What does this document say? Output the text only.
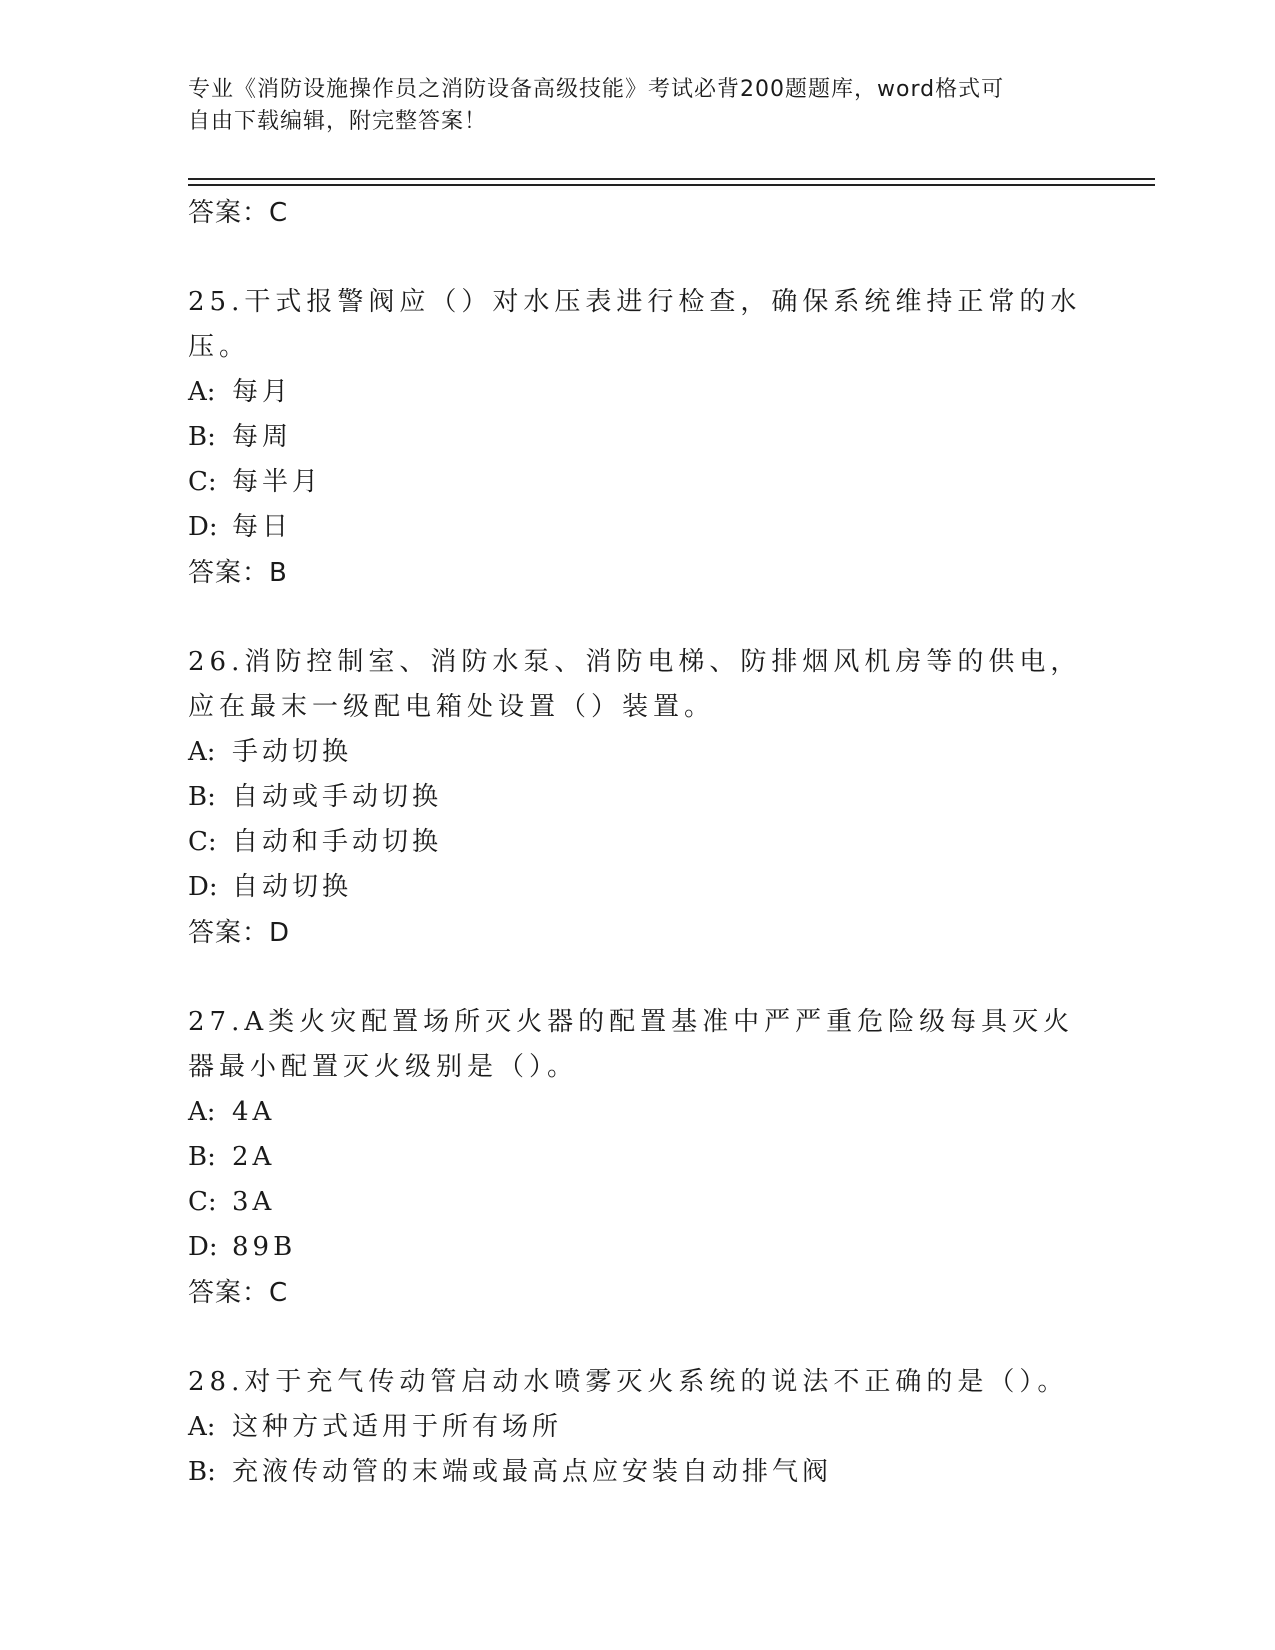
专业《消防设施操作员之消防设备高级技能》考试必背200题题库，word格式可
自由下载编辑，附完整答案！
答案：C

25.干式报警阀应（）对水压表进行检查，确保系统维持正常的水压。

A: 每月
B: 每周
C: 每半月
D: 每日
答案：B

26.消防控制室、消防水泵、消防电梯、防排烟风机房等的供电，应在最末一级配电箱处设置（）装置。

A: 手动切换
B: 自动或手动切换
C: 自动和手动切换
D: 自动切换
答案：D

27.A类火灾配置场所灭火器的配置基准中严严重危险级每具灭火器最小配置灭火级别是（）。

A: 4A
B: 2A
C: 3A
D: 89B
答案：C

28.对于充气传动管启动水喷雾灭火系统的说法不正确的是（）。

A: 这种方式适用于所有场所
B: 充液传动管的末端或最高点应安装自动排气阀
